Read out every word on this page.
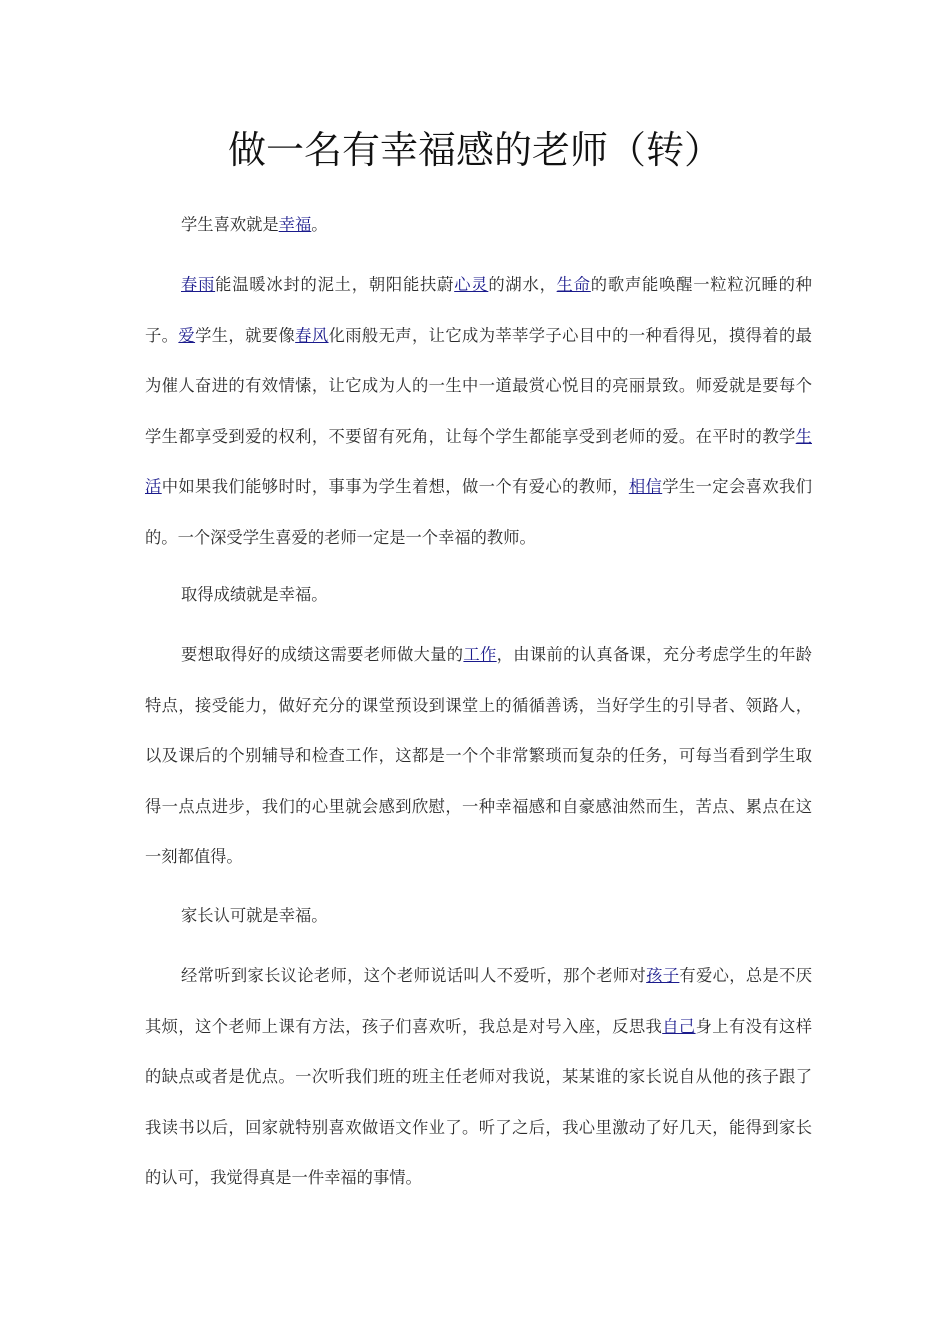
做一名有幸福感的老师（转）

学生喜欢就是幸福。

春雨能温暖冰封的泥土，朝阳能扶蔚心灵的湖水，生命的歌声能唤醒一粒粒沉睡的种子。爱学生，就要像春风化雨般无声，让它成为莘莘学子心目中的一种看得见，摸得着的最为催人奋进的有效情愫，让它成为人的一生中一道最赏心悦目的亮丽景致。师爱就是要每个学生都享受到爱的权利，不要留有死角，让每个学生都能享受到老师的爱。在平时的教学生活中如果我们能够时时，事事为学生着想，做一个有爱心的教师，相信学生一定会喜欢我们的。一个深受学生喜爱的老师一定是一个幸福的教师。

取得成绩就是幸福。

要想取得好的成绩这需要老师做大量的工作，由课前的认真备课，充分考虑学生的年龄特点，接受能力，做好充分的课堂预设到课堂上的循循善诱，当好学生的引导者、领路人，以及课后的个别辅导和检查工作，这都是一个个非常繁琐而复杂的任务，可每当看到学生取得一点点进步，我们的心里就会感到欣慰，一种幸福感和自豪感油然而生，苦点、累点在这一刻都值得。

家长认可就是幸福。

经常听到家长议论老师，这个老师说话叫人不爱听，那个老师对孩子有爱心，总是不厌其烦，这个老师上课有方法，孩子们喜欢听，我总是对号入座，反思我自己身上有没有这样的缺点或者是优点。一次听我们班的班主任老师对我说，某某谁的家长说自从他的孩子跟了我读书以后，回家就特别喜欢做语文作业了。听了之后，我心里激动了好几天，能得到家长的认可，我觉得真是一件幸福的事情。
